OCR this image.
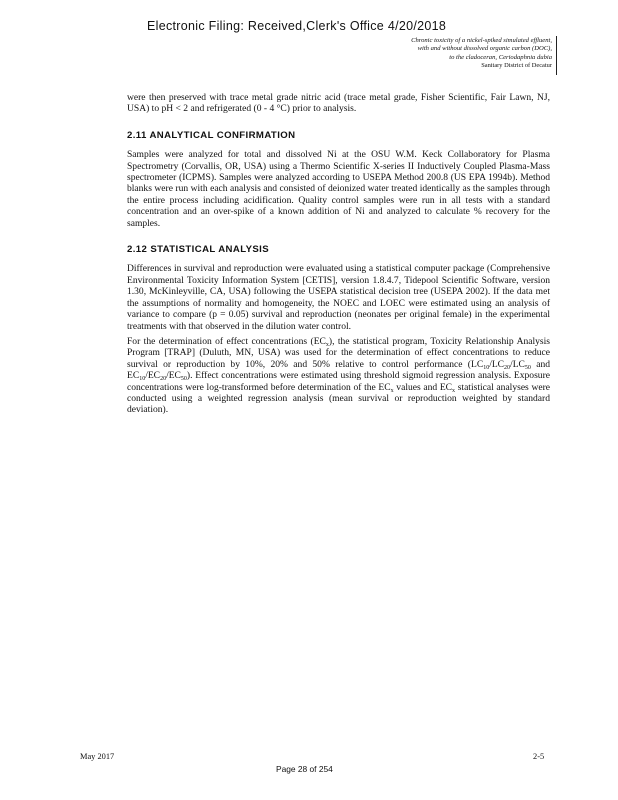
Electronic Filing: Received,Clerk's Office 4/20/2018
Chronic toxicity of a nickel-spiked simulated effluent,
with and without dissolved organic carbon (DOC),
to the cladoceran, Ceriodaphnia dubia
Sanitary District of Decatur

were then preserved with trace metal grade nitric acid (trace metal grade, Fisher Scientific, Fair Lawn, NJ, USA) to pH < 2 and refrigerated (0 - 4 °C) prior to analysis.

2.11 ANALYTICAL CONFIRMATION

Samples were analyzed for total and dissolved Ni at the OSU W.M. Keck Collaboratory for Plasma Spectrometry (Corvallis, OR, USA) using a Thermo Scientific X-series II Inductively Coupled Plasma-Mass spectrometer (ICPMS). Samples were analyzed according to USEPA Method 200.8 (US EPA 1994b). Method blanks were run with each analysis and consisted of deionized water treated identically as the samples through the entire process including acidification. Quality control samples were run in all tests with a standard concentration and an over-spike of a known addition of Ni and analyzed to calculate % recovery for the samples.

2.12 STATISTICAL ANALYSIS

Differences in survival and reproduction were evaluated using a statistical computer package (Comprehensive Environmental Toxicity Information System [CETIS], version 1.8.4.7, Tidepool Scientific Software, version 1.30, McKinleyville, CA, USA) following the USEPA statistical decision tree (USEPA 2002). If the data met the assumptions of normality and homogeneity, the NOEC and LOEC were estimated using an analysis of variance to compare (p = 0.05) survival and reproduction (neonates per original female) in the experimental treatments with that observed in the dilution water control.

For the determination of effect concentrations $(EC_x)$, the statistical program, Toxicity Relationship Analysis Program [TRAP] (Duluth, MN, USA) was used for the determination of effect concentrations to reduce survival or reproduction by 10%, 20% and 50% relative to control performance ($LC_{10}/LC_{20}/LC_{50}$ and $EC_{10}/EC_{20}/EC_{50}$). Effect concentrations were estimated using threshold sigmoid regression analysis. Exposure concentrations were log-transformed before determination of the $EC_x$ values and $EC_x$ statistical analyses were conducted using a weighted regression analysis (mean survival or reproduction weighted by standard deviation).

May 2017	2-5
Page 28 of 254
